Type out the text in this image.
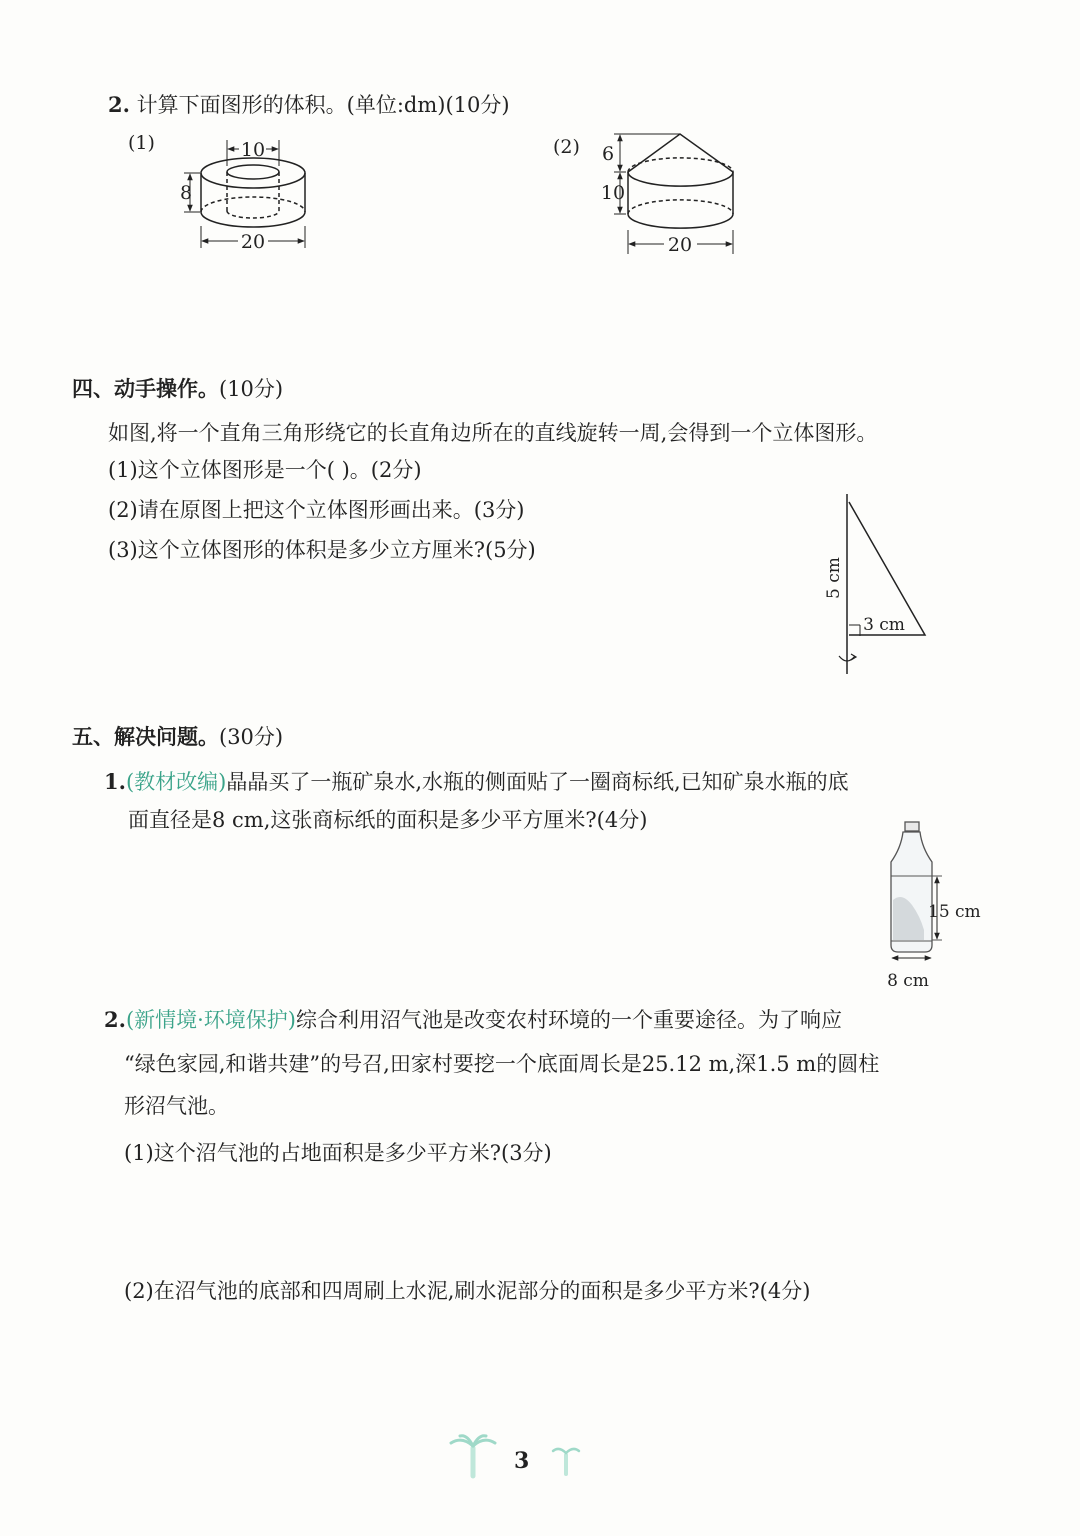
2. 计算下面图形的体积。(单位:dm)(10分)
(1)	10
8
20
(2) 6
10
20
5 cm
3 cm
15 cm
8 cm
四、动手操作。(10分)
如图,将一个直角三角形绕它的长直角边所在的直线旋转一周,会得到一个立体图形。
(1)这个立体图形是一个( )。(2分)
(2)请在原图上把这个立体图形画出来。(3分)
(3)这个立体图形的体积是多少立方厘米?(5分)
五、解决问题。(30分)
1.(教材改编)晶晶买了一瓶矿泉水,水瓶的侧面贴了一圈商标纸,已知矿泉水瓶的底
面直径是8 cm,这张商标纸的面积是多少平方厘米?(4分)
2.(新情境·环境保护)综合利用沼气池是改变农村环境的一个重要途径。为了响应
“绿色家园,和谐共建”的号召,田家村要挖一个底面周长是25.12 m,深1.5 m的圆柱
形沼气池。
(1)这个沼气池的占地面积是多少平方米?(3分)
(2)在沼气池的底部和四周刷上水泥,刷水泥部分的面积是多少平方米?(4分)
3
